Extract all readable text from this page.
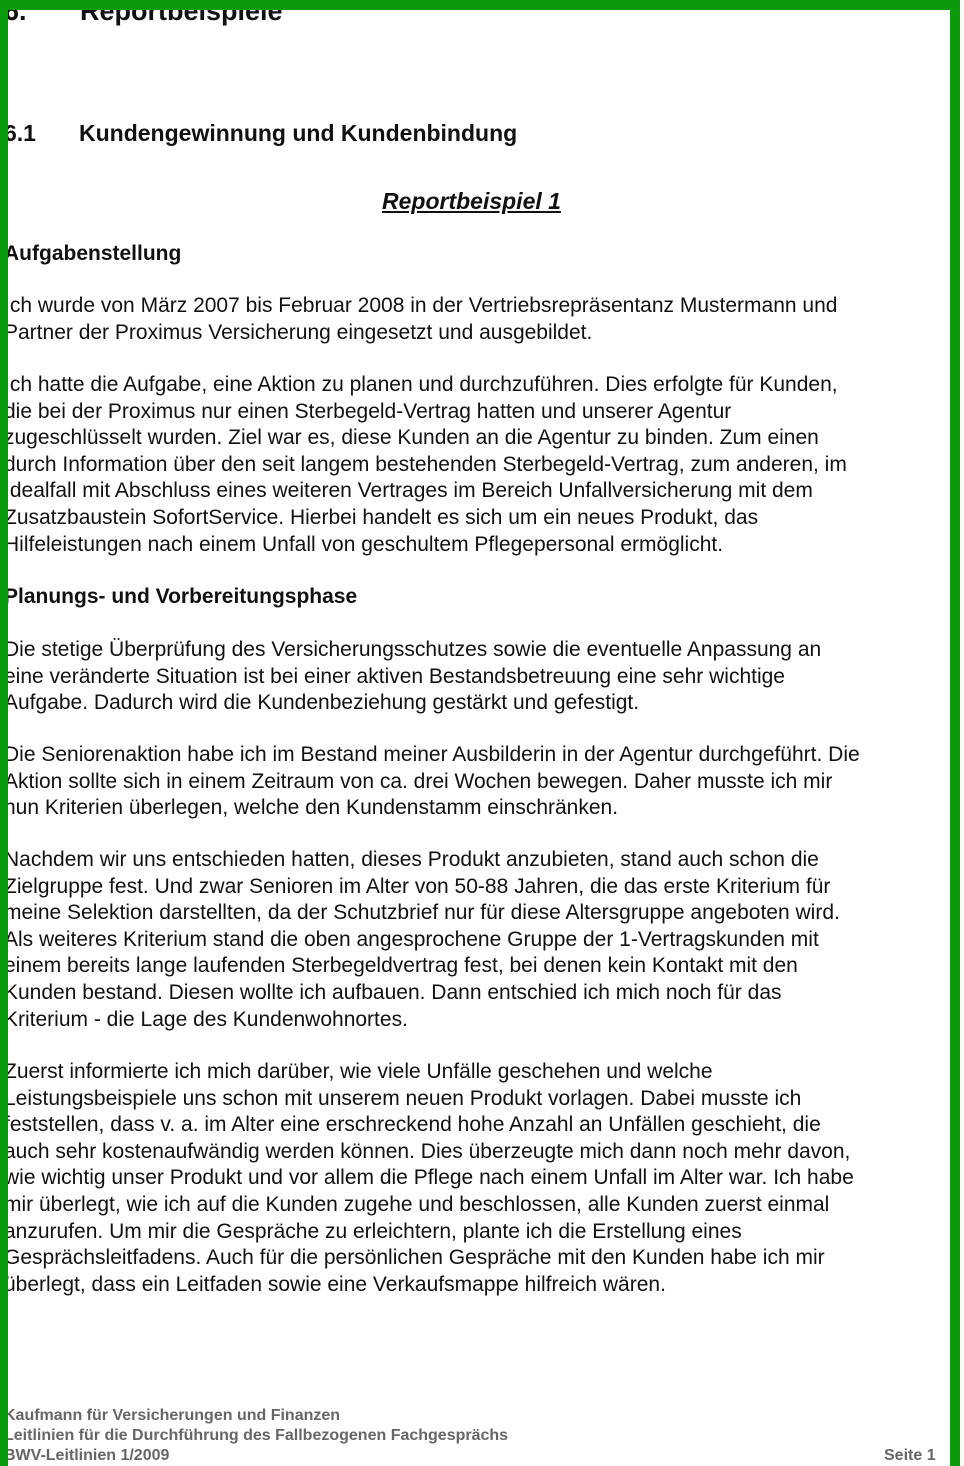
6. Reportbeispiele
6.1 Kundengewinnung und Kundenbindung
Reportbeispiel 1
Aufgabenstellung
Ich wurde von März 2007 bis Februar 2008 in der Vertriebsrepräsentanz Mustermann und
Partner der Proximus Versicherung eingesetzt und ausgebildet.
Ich hatte die Aufgabe, eine Aktion zu planen und durchzuführen. Dies erfolgte für Kunden,
die bei der Proximus nur einen Sterbegeld-Vertrag hatten und unserer Agentur
zugeschlüsselt wurden. Ziel war es, diese Kunden an die Agentur zu binden. Zum einen
durch Information über den seit langem bestehenden Sterbegeld-Vertrag, zum anderen, im
Idealfall mit Abschluss eines weiteren Vertrages im Bereich Unfallversicherung mit dem
Zusatzbaustein SofortService. Hierbei handelt es sich um ein neues Produkt, das
Hilfeleistungen nach einem Unfall von geschultem Pflegepersonal ermöglicht.
Planungs- und Vorbereitungsphase
Die stetige Überprüfung des Versicherungsschutzes sowie die eventuelle Anpassung an
eine veränderte Situation ist bei einer aktiven Bestandsbetreuung eine sehr wichtige
Aufgabe. Dadurch wird die Kundenbeziehung gestärkt und gefestigt.
Die Seniorenaktion habe ich im Bestand meiner Ausbilderin in der Agentur durchgeführt. Die
Aktion sollte sich in einem Zeitraum von ca. drei Wochen bewegen. Daher musste ich mir
nun Kriterien überlegen, welche den Kundenstamm einschränken.
Nachdem wir uns entschieden hatten, dieses Produkt anzubieten, stand auch schon die
Zielgruppe fest. Und zwar Senioren im Alter von 50-88 Jahren, die das erste Kriterium für
meine Selektion darstellten, da der Schutzbrief nur für diese Altersgruppe angeboten wird.
Als weiteres Kriterium stand die oben angesprochene Gruppe der 1-Vertragskunden mit
einem bereits lange laufenden Sterbegeldvertrag fest, bei denen kein Kontakt mit den
Kunden bestand. Diesen wollte ich aufbauen. Dann entschied ich mich noch für das
Kriterium - die Lage des Kundenwohnortes.
Zuerst informierte ich mich darüber, wie viele Unfälle geschehen und welche
Leistungsbeispiele uns schon mit unserem neuen Produkt vorlagen. Dabei musste ich
feststellen, dass v. a. im Alter eine erschreckend hohe Anzahl an Unfällen geschieht, die
auch sehr kostenaufwändig werden können. Dies überzeugte mich dann noch mehr davon,
wie wichtig unser Produkt und vor allem die Pflege nach einem Unfall im Alter war. Ich habe
mir überlegt, wie ich auf die Kunden zugehe und beschlossen, alle Kunden zuerst einmal
anzurufen. Um mir die Gespräche zu erleichtern, plante ich die Erstellung eines
Gesprächsleitfadens. Auch für die persönlichen Gespräche mit den Kunden habe ich mir
überlegt, dass ein Leitfaden sowie eine Verkaufsmappe hilfreich wären.
Kaufmann für Versicherungen und Finanzen
Leitlinien für die Durchführung des Fallbezogenen Fachgesprächs
BWV-Leitlinien 1/2009	Seite 1
